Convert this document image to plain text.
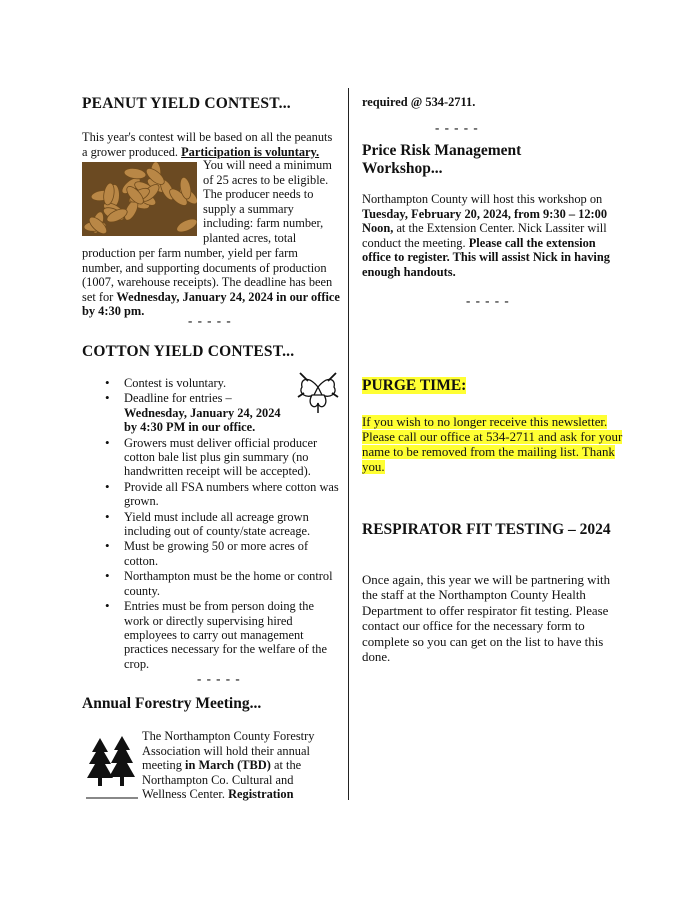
PEANUT YIELD CONTEST...

This year's contest will be based on all the peanuts a grower produced. Participation is voluntary.

You will need a minimum
of 25 acres to be eligible.
The producer needs to
supply a summary
including: farm number,
planted acres, total

production per farm number, yield per farm number, and supporting documents of production (1007, warehouse receipts). The deadline has been set for Wednesday, January 24, 2024 in our office by 4:30 pm.

- - - - -
COTTON YIELD CONTEST...
• Contest is voluntary.
• Deadline for entries –
Wednesday, January 24, 2024 by 4:30 PM in our office.
• Growers must deliver official producer cotton bale list plus gin summary (no handwritten receipt will be accepted).
• Provide all FSA numbers where cotton was grown.
• Yield must include all acreage grown including out of county/state acreage.
• Must be growing 50 or more acres of cotton.
• Northampton must be the home or control county.
• Entries must be from person doing the work or directly supervising hired employees to carry out management practices necessary for the welfare of the crop.
- - - - -
Annual Forestry Meeting...

The Northampton County Forestry Association will hold their annual meeting in March (TBD) at the Northampton Co. Cultural and Wellness Center. Registration

required @ 534-2711.
- - - - -
Price Risk Management Workshop...

Northampton County will host this workshop on Tuesday, February 20, 2024, from 9:30 – 12:00 Noon, at the Extension Center. Nick Lassiter will conduct the meeting. Please call the extension office to register. This will assist Nick in having enough handouts.

- - - - -
PURGE TIME:

If you wish to no longer receive this newsletter. Please call our office at 534-2711 and ask for your name to be removed from the mailing list. Thank you.

RESPIRATOR FIT TESTING – 2024

Once again, this year we will be partnering with the staff at the Northampton County Health Department to offer respirator fit testing. Please contact our office for the necessary form to complete so you can get on the list to have this done.
